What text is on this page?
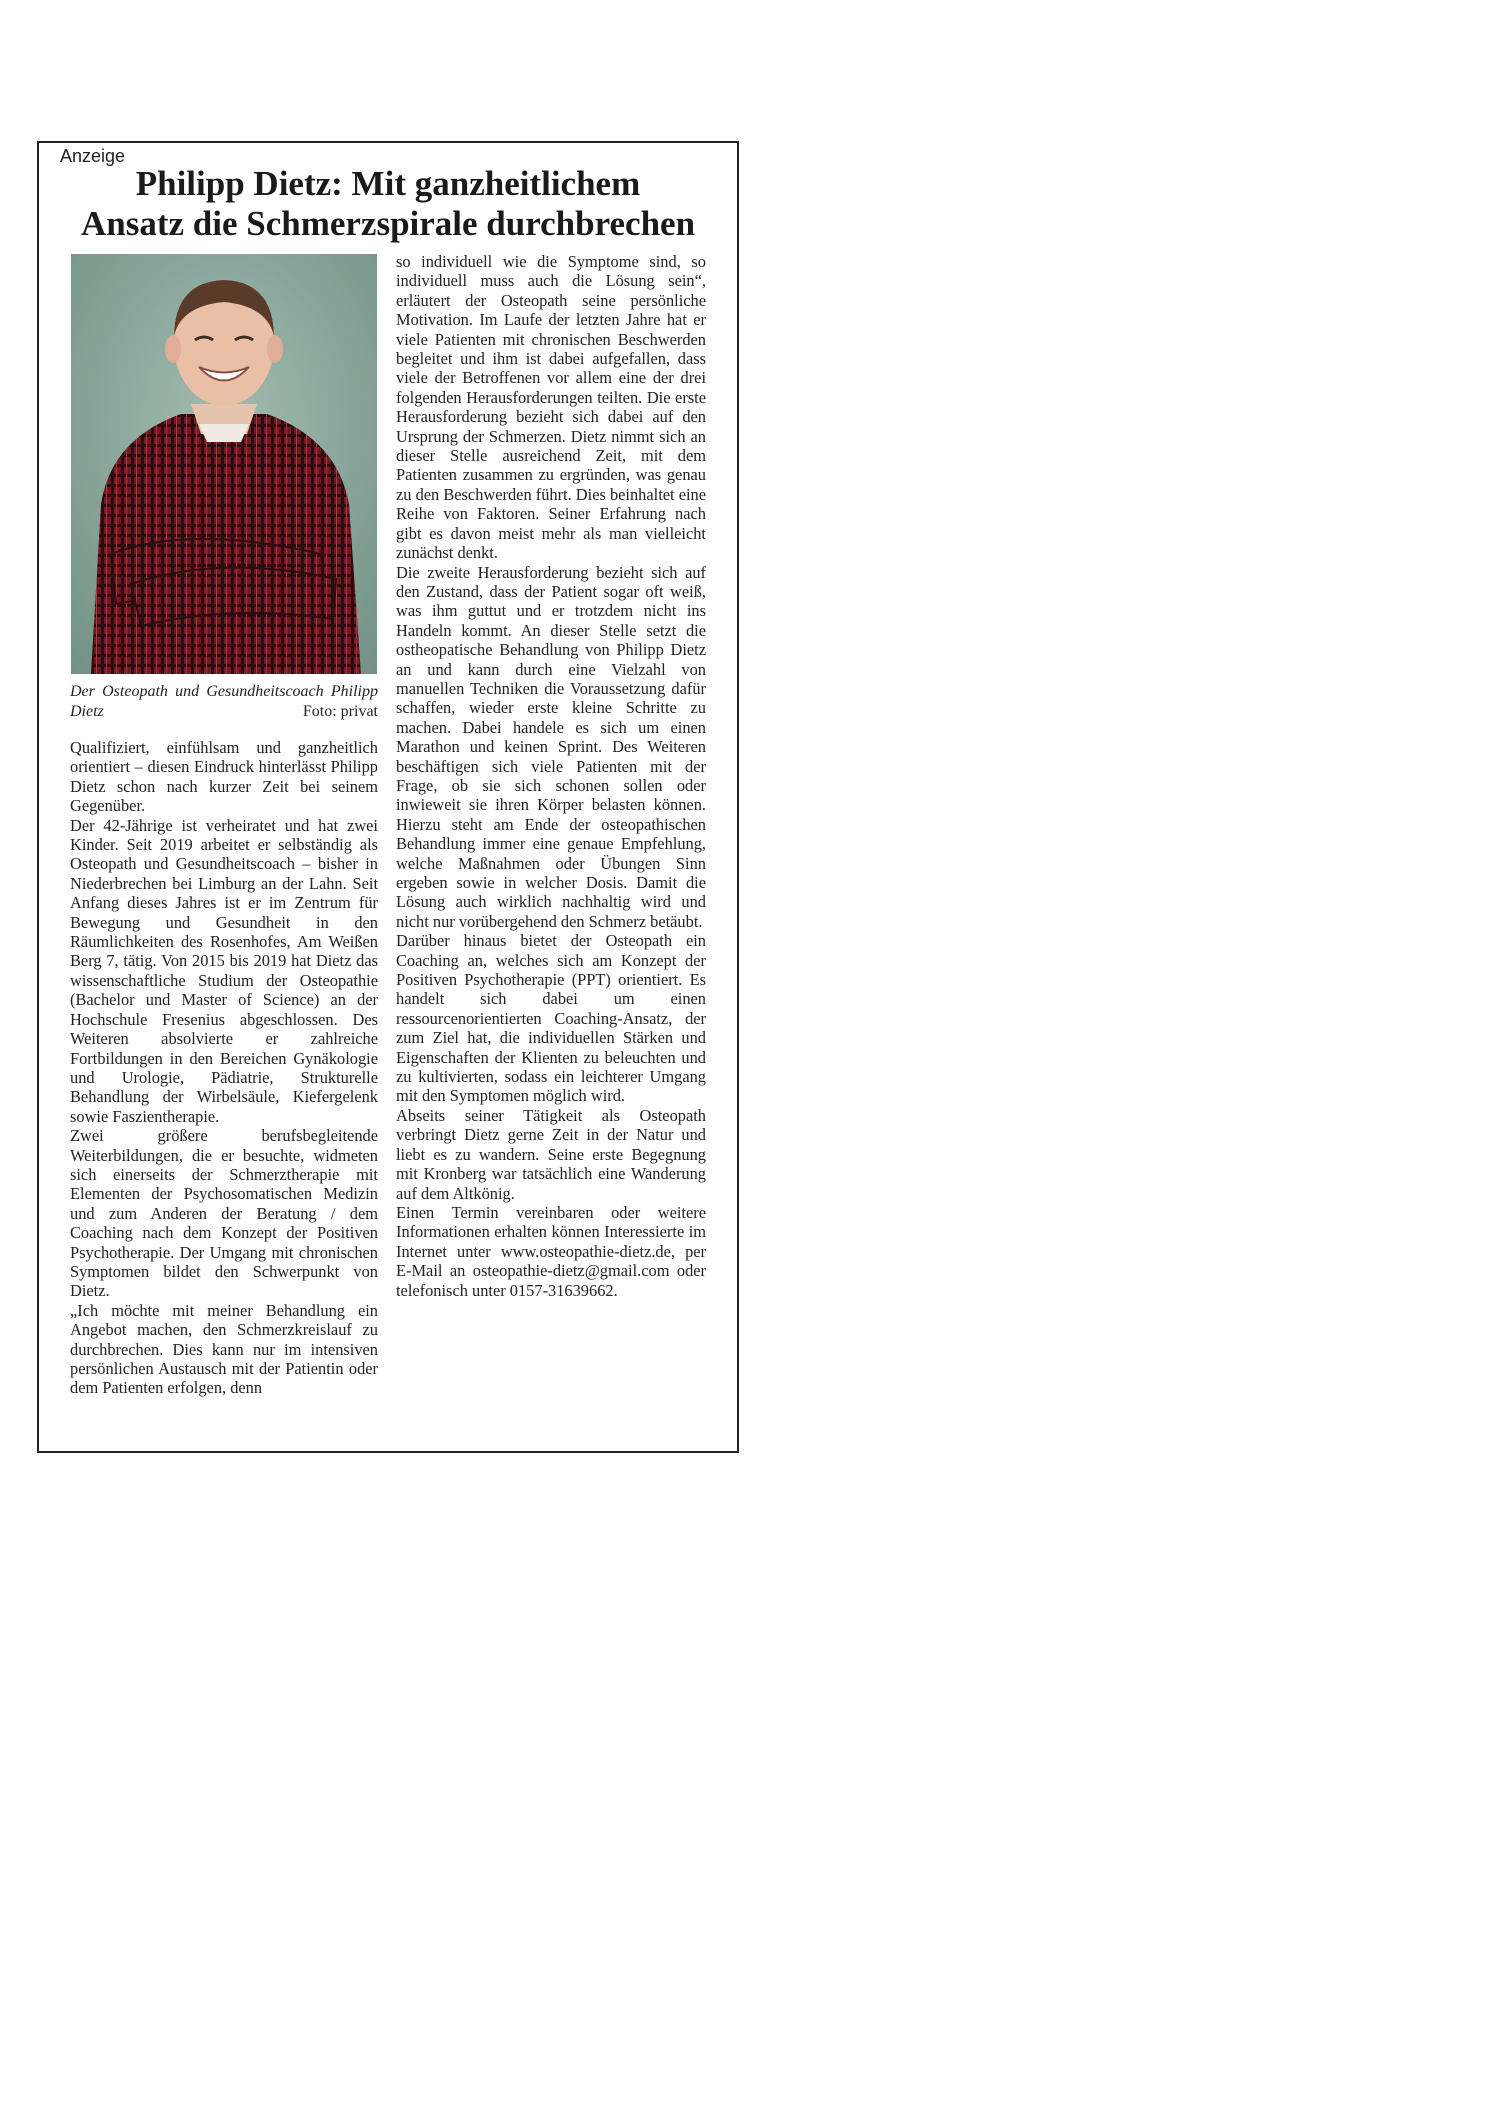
Anzeige
Philipp Dietz: Mit ganzheitlichem
Ansatz die Schmerzspirale durchbrechen
Der Osteopath und Gesundheitscoach Philipp Dietz	Foto: privat

Qualifiziert, einfühlsam und ganzheitlich orientiert – diesen Eindruck hinterlässt Philipp Dietz schon nach kurzer Zeit bei seinem Gegenüber.

Der 42-Jährige ist verheiratet und hat zwei Kinder. Seit 2019 arbeitet er selbständig als Osteopath und Gesundheitscoach – bisher in Niederbrechen bei Limburg an der Lahn. Seit Anfang dieses Jahres ist er im Zentrum für Bewegung und Gesundheit in den Räumlichkeiten des Rosenhofes, Am Weißen Berg 7, tätig. Von 2015 bis 2019 hat Dietz das wissenschaftliche Studium der Osteopathie (Bachelor und Master of Science) an der Hochschule Fresenius abgeschlossen. Des Weiteren absolvierte er zahlreiche Fortbildungen in den Bereichen Gynäkologie und Urologie, Pädiatrie, Strukturelle Behandlung der Wirbelsäule, Kiefergelenk sowie Faszientherapie.

Zwei größere berufsbegleitende Weiterbildungen, die er besuchte, widmeten sich einerseits der Schmerztherapie mit Elementen der Psychosomatischen Medizin und zum Anderen der Beratung / dem Coaching nach dem Konzept der Positiven Psychotherapie. Der Umgang mit chronischen Symptomen bildet den Schwerpunkt von Dietz.

„Ich möchte mit meiner Behandlung ein Angebot machen, den Schmerzkreislauf zu durchbrechen. Dies kann nur im intensiven persönlichen Austausch mit der Patientin oder dem Patienten erfolgen, denn

so individuell wie die Symptome sind, so individuell muss auch die Lösung sein“, erläutert der Osteopath seine persönliche Motivation. Im Laufe der letzten Jahre hat er viele Patienten mit chronischen Beschwerden begleitet und ihm ist dabei aufgefallen, dass viele der Betroffenen vor allem eine der drei folgenden Herausforderungen teilten. Die erste Herausforderung bezieht sich dabei auf den Ursprung der Schmerzen. Dietz nimmt sich an dieser Stelle ausreichend Zeit, mit dem Patienten zusammen zu ergründen, was genau zu den Beschwerden führt. Dies beinhaltet eine Reihe von Faktoren. Seiner Erfahrung nach gibt es davon meist mehr als man vielleicht zunächst denkt.

Die zweite Herausforderung bezieht sich auf den Zustand, dass der Patient sogar oft weiß, was ihm guttut und er trotzdem nicht ins Handeln kommt. An dieser Stelle setzt die ostheopatische Behandlung von Philipp Dietz an und kann durch eine Vielzahl von manuellen Techniken die Voraussetzung dafür schaffen, wieder erste kleine Schritte zu machen. Dabei handele es sich um einen Marathon und keinen Sprint. Des Weiteren beschäftigen sich viele Patienten mit der Frage, ob sie sich schonen sollen oder inwieweit sie ihren Körper belasten können. Hierzu steht am Ende der osteopathischen Behandlung immer eine genaue Empfehlung, welche Maßnahmen oder Übungen Sinn ergeben sowie in welcher Dosis. Damit die Lösung auch wirklich nachhaltig wird und nicht nur vorübergehend den Schmerz betäubt.

Darüber hinaus bietet der Osteopath ein Coaching an, welches sich am Konzept der Positiven Psychotherapie (PPT) orientiert. Es handelt sich dabei um einen ressourcenorientierten Coaching-Ansatz, der zum Ziel hat, die individuellen Stärken und Eigenschaften der Klienten zu beleuchten und zu kultivierten, sodass ein leichterer Umgang mit den Symptomen möglich wird.

Abseits seiner Tätigkeit als Osteopath verbringt Dietz gerne Zeit in der Natur und liebt es zu wandern. Seine erste Begegnung mit Kronberg war tatsächlich eine Wanderung auf dem Altkönig.

Einen Termin vereinbaren oder weitere Informationen erhalten können Interessierte im Internet unter www.osteopathie-dietz.de, per E-Mail an osteopathie-dietz@gmail.com oder telefonisch unter 0157-31639662.
